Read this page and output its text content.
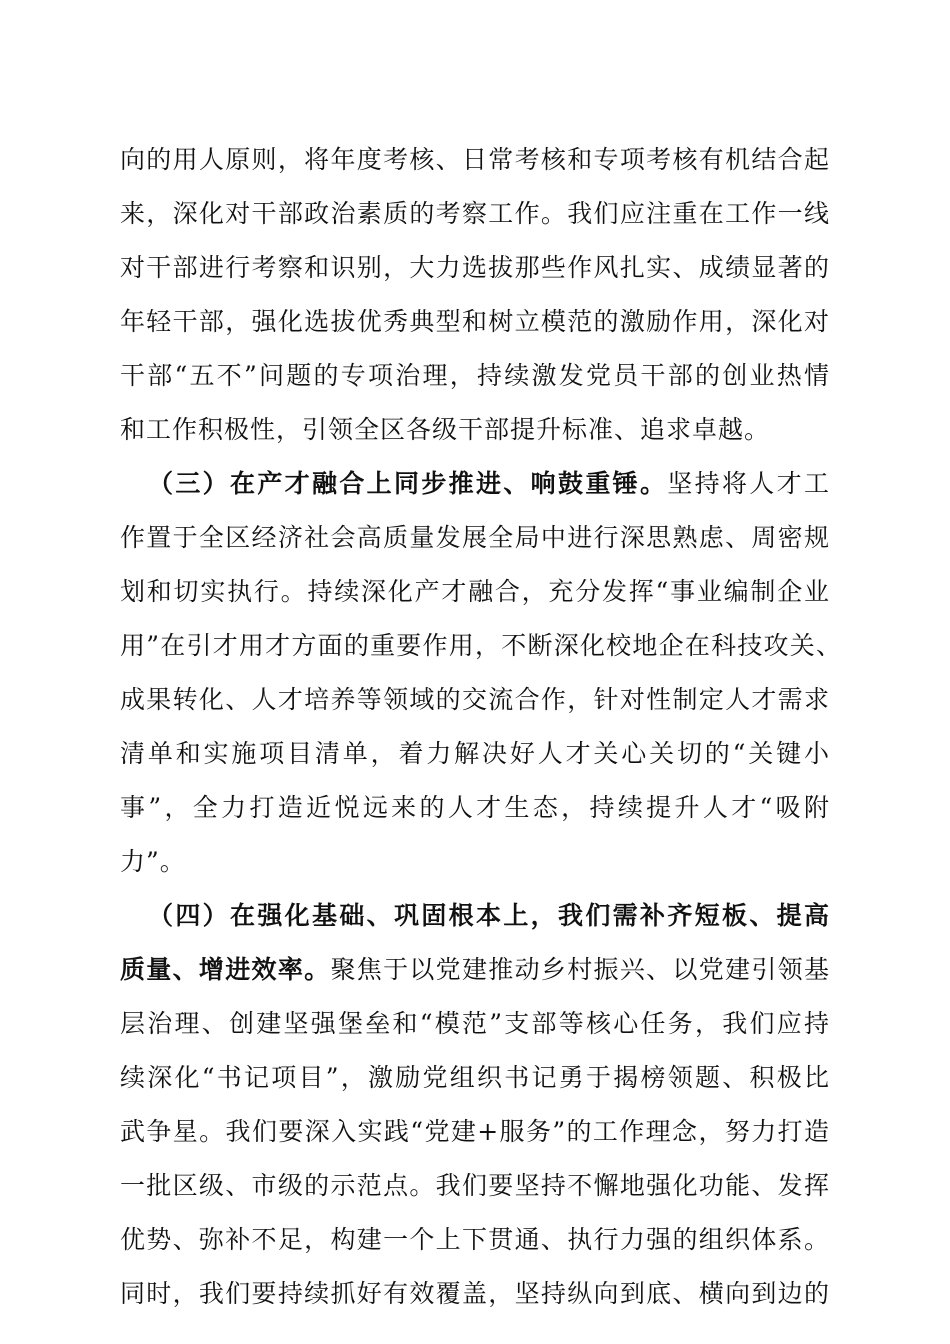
向的用人原则，将年度考核、日常考核和专项考核有机结合起
来，深化对干部政治素质的考察工作。我们应注重在工作一线
对干部进行考察和识别，大力选拔那些作风扎实、成绩显著的
年轻干部，强化选拔优秀典型和树立模范的激励作用，深化对
干部“五不”问题的专项治理，持续激发党员干部的创业热情
和工作积极性，引领全区各级干部提升标准、追求卓越。
（三）在产才融合上同步推进、响鼓重锤。坚持将人才工
作置于全区经济社会高质量发展全局中进行深思熟虑、周密规
划和切实执行。持续深化产才融合，充分发挥“事业编制企业
用”在引才用才方面的重要作用，不断深化校地企在科技攻关、
成果转化、人才培养等领域的交流合作，针对性制定人才需求
清单和实施项目清单，着力解决好人才关心关切的“关键小
事”，全力打造近悦远来的人才生态，持续提升人才“吸附
力”。
（四）在强化基础、巩固根本上，我们需补齐短板、提高
质量、增进效率。聚焦于以党建推动乡村振兴、以党建引领基
层治理、创建坚强堡垒和“模范”支部等核心任务，我们应持
续深化“书记项目”，激励党组织书记勇于揭榜领题、积极比
武争星。我们要深入实践“党建+服务”的工作理念，努力打造
一批区级、市级的示范点。我们要坚持不懈地强化功能、发挥
优势、弥补不足，构建一个上下贯通、执行力强的组织体系。
同时，我们要持续抓好有效覆盖，坚持纵向到底、横向到边的
